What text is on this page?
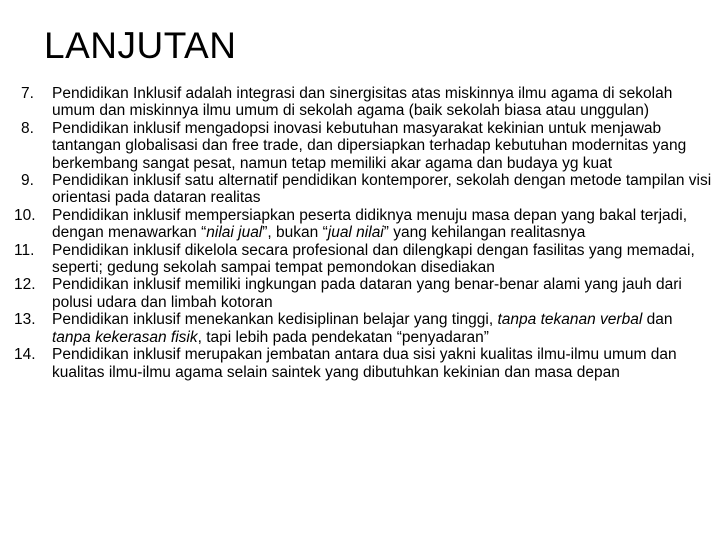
LANJUTAN
7. Pendidikan Inklusif adalah integrasi dan sinergisitas atas miskinnya ilmu agama di sekolah umum dan miskinnya ilmu umum di sekolah agama (baik sekolah biasa atau unggulan)
8. Pendidikan inklusif mengadopsi inovasi kebutuhan masyarakat kekinian untuk menjawab tantangan globalisasi dan free trade, dan dipersiapkan terhadap kebutuhan modernitas yang berkembang sangat pesat, namun tetap memiliki akar agama dan budaya yg kuat
9. Pendidikan inklusif satu alternatif pendidikan kontemporer, sekolah dengan metode tampilan visi orientasi pada dataran realitas
10. Pendidikan inklusif mempersiapkan peserta didiknya menuju masa depan yang bakal terjadi, dengan menawarkan “nilai jual”, bukan “jual nilai” yang kehilangan realitasnya
11. Pendidikan inklusif dikelola secara profesional dan dilengkapi dengan fasilitas yang memadai, seperti; gedung sekolah sampai tempat pemondokan disediakan
12. Pendidikan inklusif memiliki ingkungan pada dataran yang benar-benar alami yang jauh dari polusi udara dan limbah kotoran
13. Pendidikan inklusif menekankan kedisiplinan belajar yang tinggi, tanpa tekanan verbal dan tanpa kekerasan fisik, tapi lebih pada pendekatan “penyadaran”
14. Pendidikan inklusif merupakan jembatan antara dua sisi yakni kualitas ilmu-ilmu umum dan kualitas ilmu-ilmu agama selain saintek yang dibutuhkan kekinian dan masa depan
